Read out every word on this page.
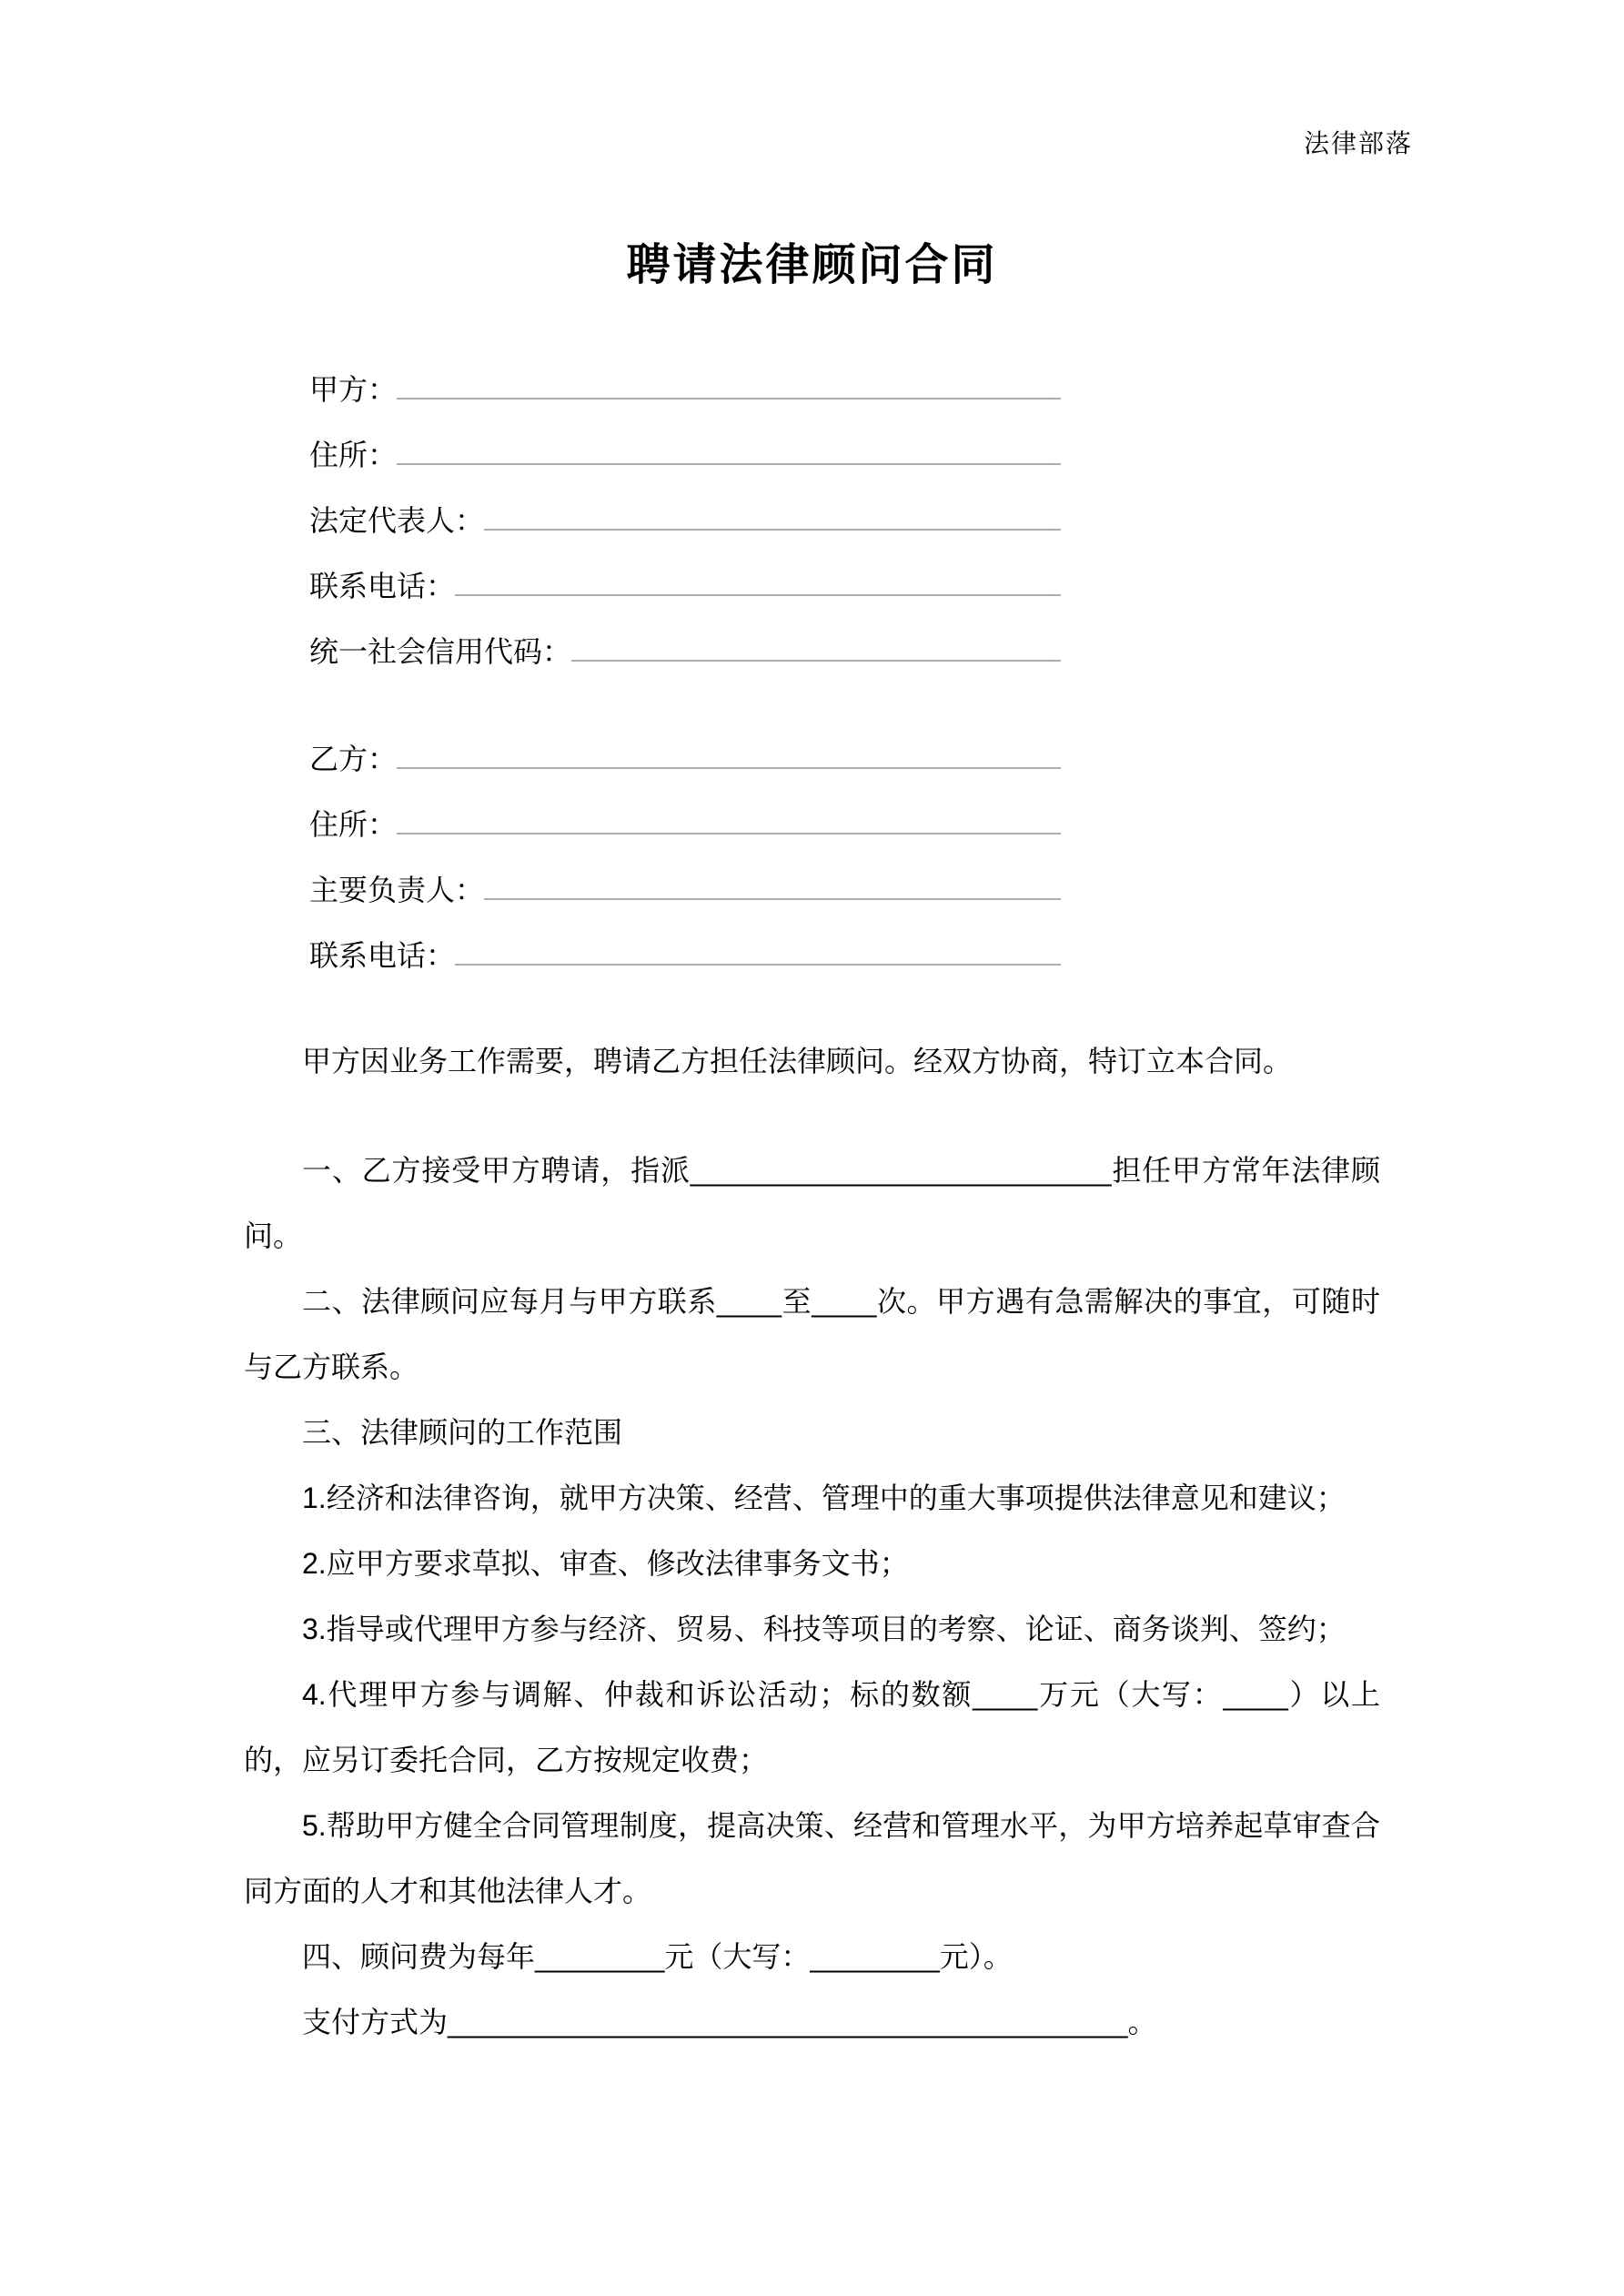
法律部落
聘请法律顾问合同
甲方：
住所：
法定代表人：
联系电话：
统一社会信用代码：
乙方：
住所：
主要负责人：
联系电话：

甲方因业务工作需要，聘请乙方担任法律顾问。经双方协商，特订立本合同。

一、乙方接受甲方聘请，指派__________________________担任甲方常年法律顾问。

二、法律顾问应每月与甲方联系____至____次。甲方遇有急需解决的事宜，可随时与乙方联系。

三、法律顾问的工作范围

1.经济和法律咨询，就甲方决策、经营、管理中的重大事项提供法律意见和建议；

2.应甲方要求草拟、审查、修改法律事务文书；

3.指导或代理甲方参与经济、贸易、科技等项目的考察、论证、商务谈判、签约；

4.代理甲方参与调解、仲裁和诉讼活动；标的数额____万元（大写：____）以上的，应另订委托合同，乙方按规定收费；

5.帮助甲方健全合同管理制度，提高决策、经营和管理水平，为甲方培养起草审查合同方面的人才和其他法律人才。

四、顾问费为每年________元（大写：________元）。

支付方式为__________________________________________。
